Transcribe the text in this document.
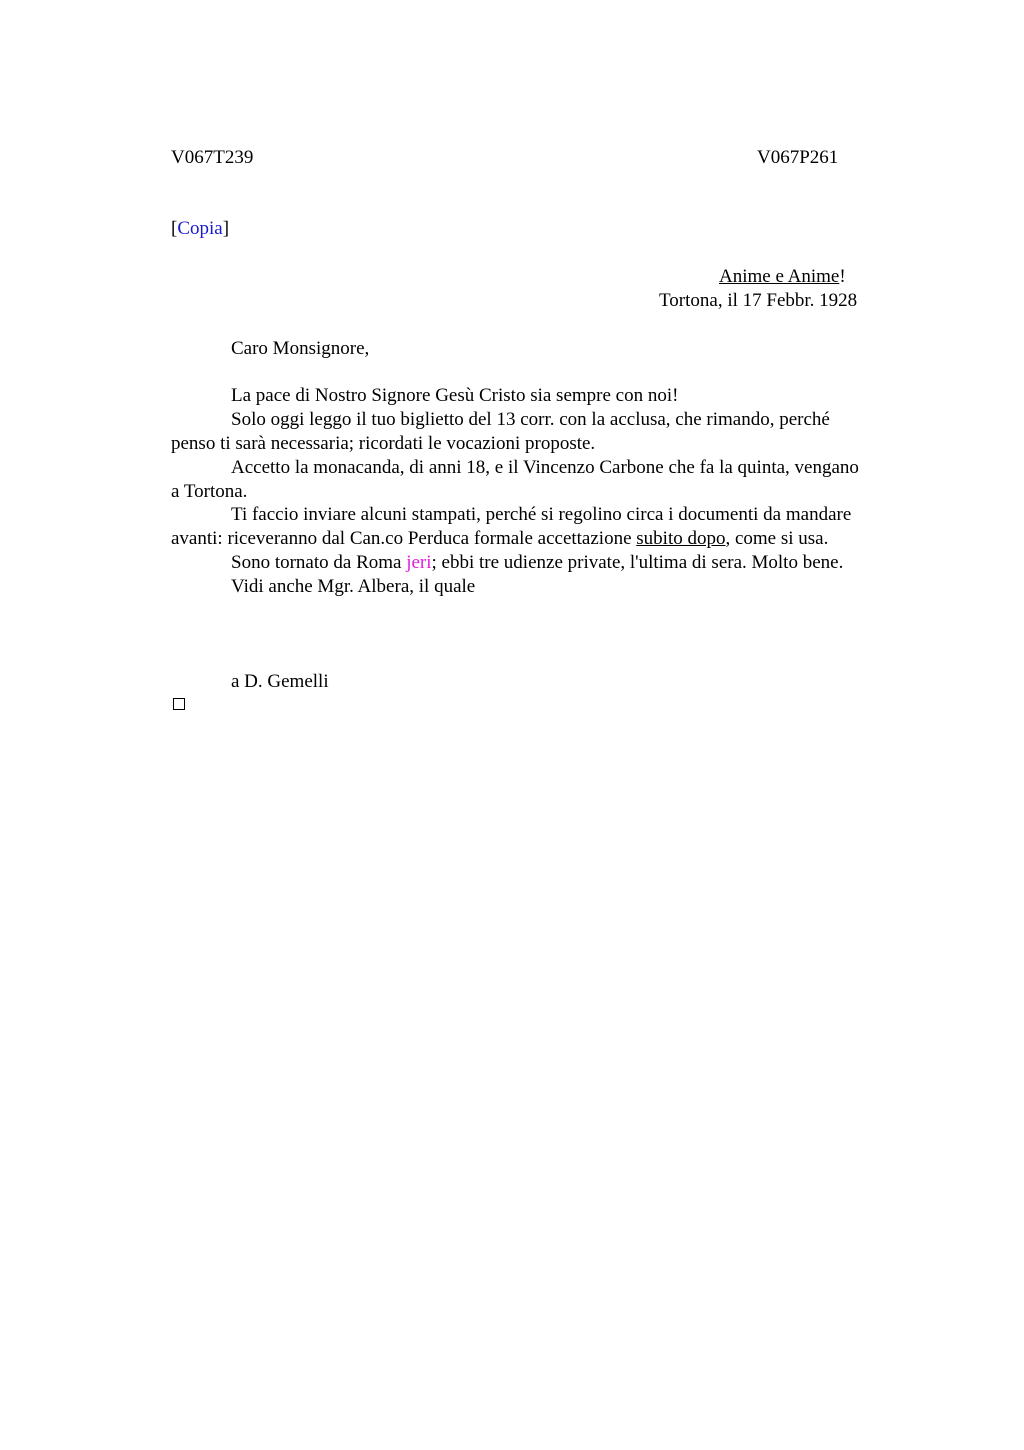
V067T239	V067P261
[Copia]
Anime e Anime!
Tortona, il 17 Febbr. 1928
Caro Monsignore,
La pace di Nostro Signore Gesù Cristo sia sempre con noi!
Solo oggi leggo il tuo biglietto del 13 corr. con la acclusa, che rimando, perché
penso ti sarà necessaria; ricordati le vocazioni proposte.
Accetto la monacanda, di anni 18, e il Vincenzo Carbone che fa la quinta, vengano
a Tortona.
Ti faccio inviare alcuni stampati, perché si regolino circa i documenti da mandare
avanti: riceveranno dal Can.co Perduca formale accettazione subito dopo, come si usa.
Sono tornato da Roma jeri; ebbi tre udienze private, l'ultima di sera. Molto bene.
Vidi anche Mgr. Albera, il quale
a D. Gemelli
